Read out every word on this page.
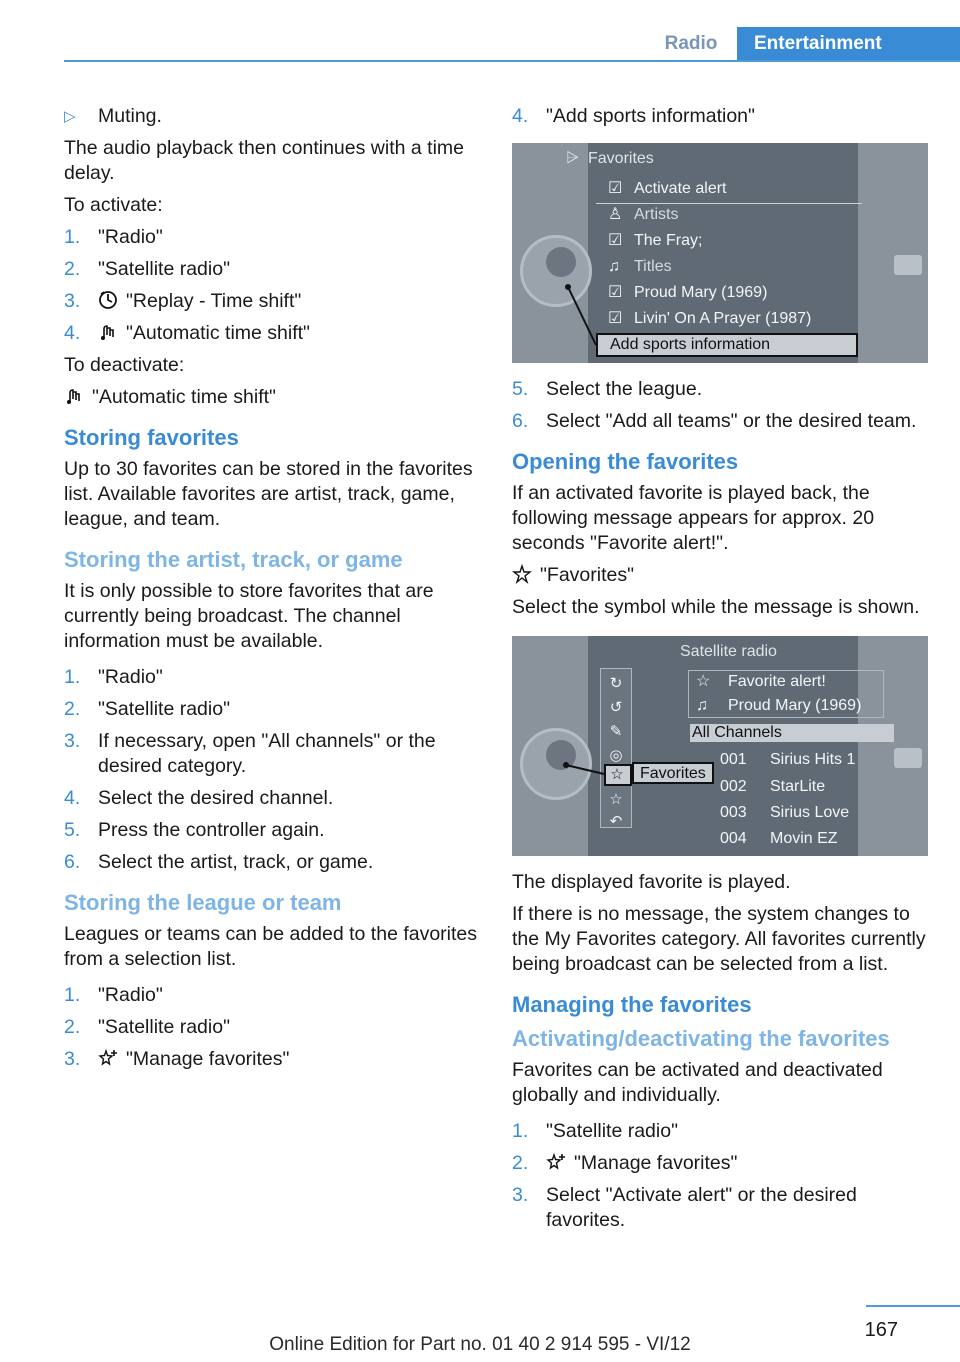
Radio	Entertainment
▷ Muting.

The audio playback then continues with a time delay.

To activate:

1. "Radio"
2. "Satellite radio"
3. "Replay - Time shift"
4. "Automatic time shift"

To deactivate:

"Automatic time shift"

Storing favorites

Up to 30 favorites can be stored in the favorites list. Available favorites are artist, track, game, league, and team.

Storing the artist, track, or game

It is only possible to store favorites that are currently being broadcast. The channel information must be available.

1. "Radio"
2. "Satellite radio"
3. If necessary, open "All channels" or the desired category.
4. Select the desired channel.
5. Press the controller again.
6. Select the artist, track, or game.
Storing the league or team

Leagues or teams can be added to the favorites from a selection list.

1. "Radio"
2. "Satellite radio"
3. "Manage favorites"
4. "Add sports information"
⩥ Favorites
☑ Activate alert
♙ Artists
☑ The Fray;
♫ Titles
☑ Proud Mary (1969)
☑ Livin' On A Prayer (1987)
Add sports information
5. Select the league.
6. Select "Add all teams" or the desired team.
Opening the favorites

If an activated favorite is played back, the following message appears for approx. 20 seconds "Favorite alert!".

"Favorites"

Select the symbol while the message is shown.

Satellite radio
↻
↺
✎
◎
☆
☆
↶
☆ Favorite alert!
♫ Proud Mary (1969)
All Channels
Favorites
001 Sirius Hits 1
002 StarLite
003 Sirius Love
004 Movin EZ

The displayed favorite is played.

If there is no message, the system changes to the My Favorites category. All favorites currently being broadcast can be selected from a list.

Managing the favorites
Activating/deactivating the favorites

Favorites can be activated and deactivated globally and individually.

1. "Satellite radio"
2. "Manage favorites"
3. Select "Activate alert" or the desired favorites.
167
Online Edition for Part no. 01 40 2 914 595 - VI/12
